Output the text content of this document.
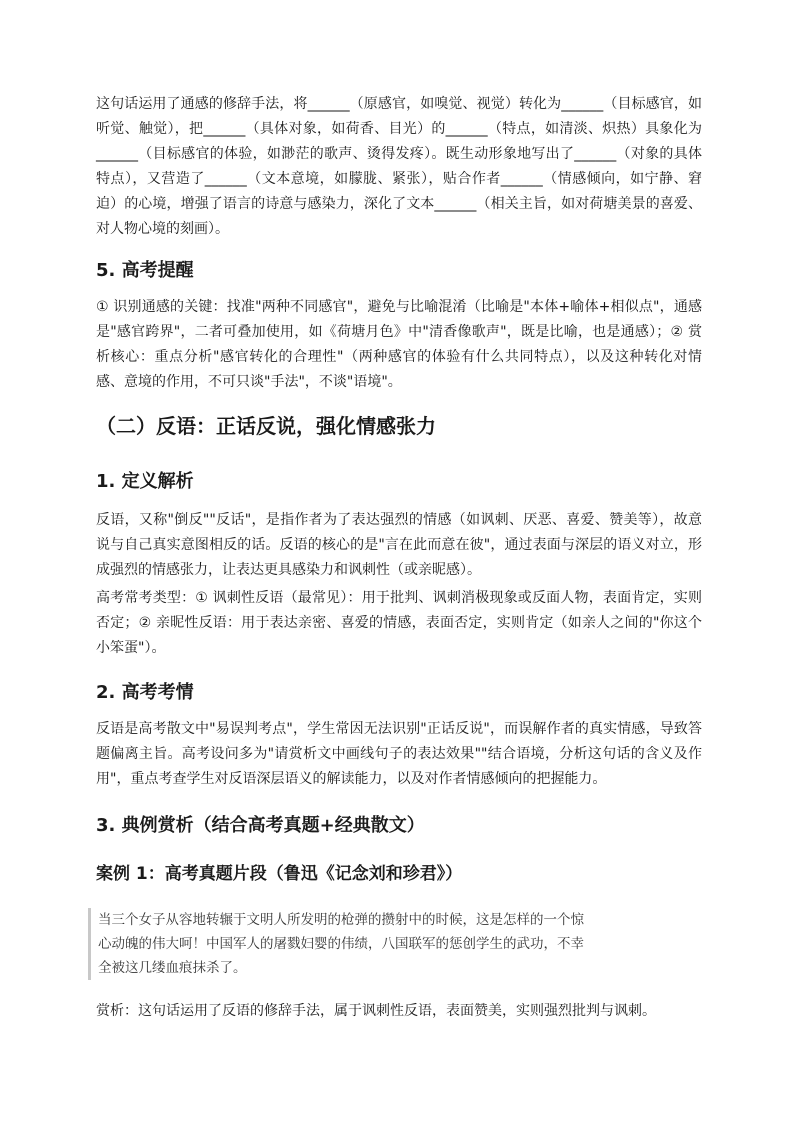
这句话运用了通感的修辞手法，将______（原感官，如嗅觉、视觉）转化为______（目标感官，如听觉、触觉），把______（具体对象，如荷香、目光）的______（特点，如清淡、炽热）具象化为______（目标感官的体验，如渺茫的歌声、烫得发疼）。既生动形象地写出了______（对象的具体特点），又营造了______（文本意境，如朦胧、紧张），贴合作者______（情感倾向，如宁静、窘迫）的心境，增强了语言的诗意与感染力，深化了文本______（相关主旨，如对荷塘美景的喜爱、对人物心境的刻画）。

5. 高考提醒

① 识别通感的关键：找准"两种不同感官"，避免与比喻混淆（比喻是"本体+喻体+相似点"，通感是"感官跨界"，二者可叠加使用，如《荷塘月色》中"清香像歌声"，既是比喻，也是通感）；② 赏析核心：重点分析"感官转化的合理性"（两种感官的体验有什么共同特点），以及这种转化对情感、意境的作用，不可只谈"手法"，不谈"语境"。

（二）反语：正话反说，强化情感张力
1. 定义解析

反语，又称"倒反""反话"，是指作者为了表达强烈的情感（如讽刺、厌恶、喜爱、赞美等），故意说与自己真实意图相反的话。反语的核心的是"言在此而意在彼"，通过表面与深层的语义对立，形成强烈的情感张力，让表达更具感染力和讽刺性（或亲昵感）。

高考常考类型：① 讽刺性反语（最常见）：用于批判、讽刺消极现象或反面人物，表面肯定，实则否定；② 亲昵性反语：用于表达亲密、喜爱的情感，表面否定，实则肯定（如亲人之间的"你这个小笨蛋"）。

2. 高考考情

反语是高考散文中"易误判考点"，学生常因无法识别"正话反说"，而误解作者的真实情感，导致答题偏离主旨。高考设问多为"请赏析文中画线句子的表达效果""结合语境，分析这句话的含义及作用"，重点考查学生对反语深层语义的解读能力，以及对作者情感倾向的把握能力。

3. 典例赏析（结合高考真题+经典散文）
案例 1：高考真题片段（鲁迅《记念刘和珍君》）
当三个女子从容地转辗于文明人所发明的枪弹的攒射中的时候，这是怎样的一个惊
心动魄的伟大呵！中国军人的屠戮妇婴的伟绩，八国联军的惩创学生的武功，不幸
全被这几缕血痕抹杀了。

赏析：这句话运用了反语的修辞手法，属于讽刺性反语，表面赞美，实则强烈批判与讽刺。
